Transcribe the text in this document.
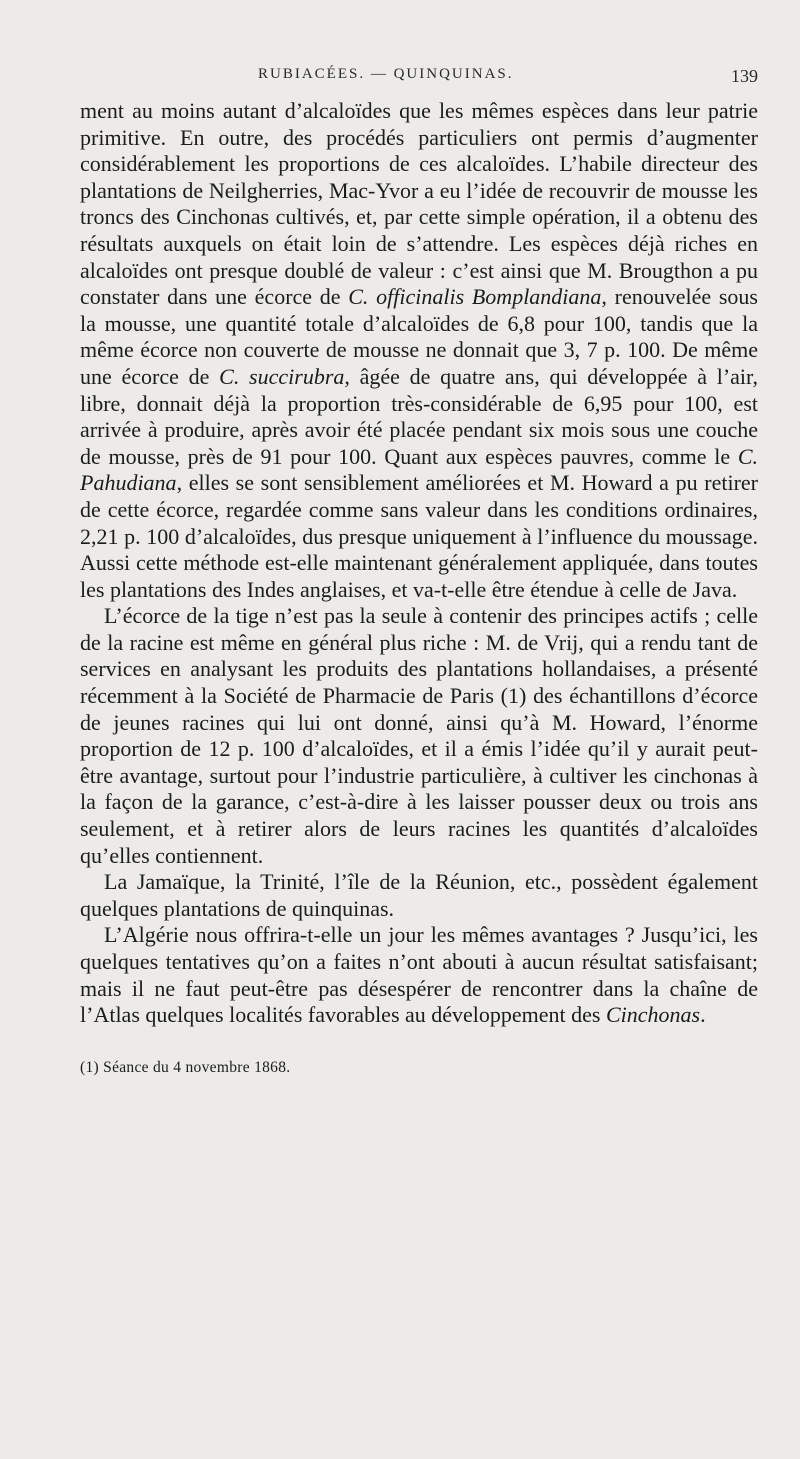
RUBIACÉES. — QUINQUINAS.	139

ment au moins autant d’alcaloïdes que les mêmes espèces dans leur patrie primitive. En outre, des procédés particuliers ont permis d’augmenter considérablement les proportions de ces alcaloïdes. L’habile directeur des plantations de Neilgherries, Mac-Yvor a eu l’idée de recouvrir de mousse les troncs des Cinchonas cultivés, et, par cette simple opération, il a obtenu des résultats auxquels on était loin de s’attendre. Les espèces déjà riches en alcaloïdes ont presque doublé de valeur : c’est ainsi que M. Brougthon a pu constater dans une écorce de C. officinalis Bomplandiana, renouvelée sous la mousse, une quantité totale d’alcaloïdes de 6,8 pour 100, tandis que la même écorce non couverte de mousse ne donnait que 3, 7 p. 100. De même une écorce de C. succirubra, âgée de quatre ans, qui développée à l’air, libre, donnait déjà la proportion très-considérable de 6,95 pour 100, est arrivée à produire, après avoir été placée pendant six mois sous une couche de mousse, près de 91 pour 100. Quant aux espèces pauvres, comme le C. Pahudiana, elles se sont sensiblement améliorées et M. Howard a pu retirer de cette écorce, regardée comme sans valeur dans les conditions ordinaires, 2,21 p. 100 d’alcaloïdes, dus presque uniquement à l’influence du moussage. Aussi cette méthode est-elle maintenant généralement appliquée, dans toutes les plantations des Indes anglaises, et va-t-elle être étendue à celle de Java.

L’écorce de la tige n’est pas la seule à contenir des principes actifs ; celle de la racine est même en général plus riche : M. de Vrij, qui a rendu tant de services en analysant les produits des plantations hollandaises, a présenté récemment à la Société de Pharmacie de Paris (1) des échantillons d’écorce de jeunes racines qui lui ont donné, ainsi qu’à M. Howard, l’énorme proportion de 12 p. 100 d’alcaloïdes, et il a émis l’idée qu’il y aurait peut-être avantage, surtout pour l’industrie particulière, à cultiver les cinchonas à la façon de la garance, c’est-à-dire à les laisser pousser deux ou trois ans seulement, et à retirer alors de leurs racines les quantités d’alcaloïdes qu’elles contiennent.

La Jamaïque, la Trinité, l’île de la Réunion, etc., possèdent également quelques plantations de quinquinas.

L’Algérie nous offrira-t-elle un jour les mêmes avantages ? Jusqu’ici, les quelques tentatives qu’on a faites n’ont abouti à aucun résultat satisfaisant; mais il ne faut peut-être pas désespérer de rencontrer dans la chaîne de l’Atlas quelques localités favorables au développement des Cinchonas.

(1) Séance du 4 novembre 1868.
